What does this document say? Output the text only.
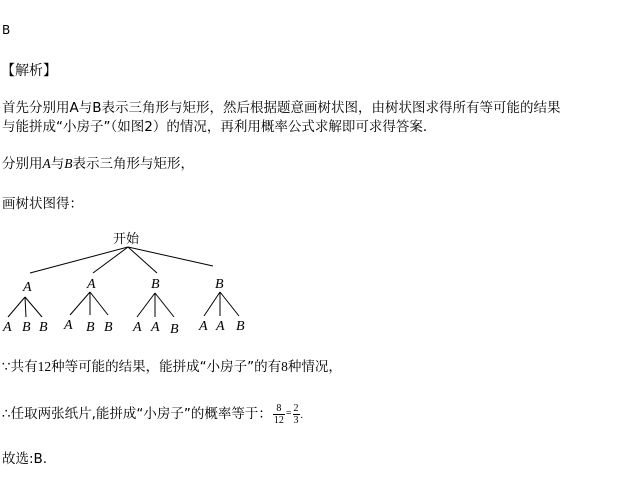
B
【解析】
首先分别用A与B表示三角形与矩形，然后根据题意画树状图，由树状图求得所有等可能的结果
与能拼成“小房子”（如图2）的情况，再利用概率公式求解即可求得答案．
分别用A与B表示三角形与矩形，
画树状图得：
开始
A	A	B	B
A B B A B B A A B A A B
∵共有12种等可能的结果，能拼成“小房子”的有8种情况，
∴任取两张纸片,能拼成“小房子”的概率等于： $\frac{8}{12} = \frac{2}{3}$ .
故选:B.
